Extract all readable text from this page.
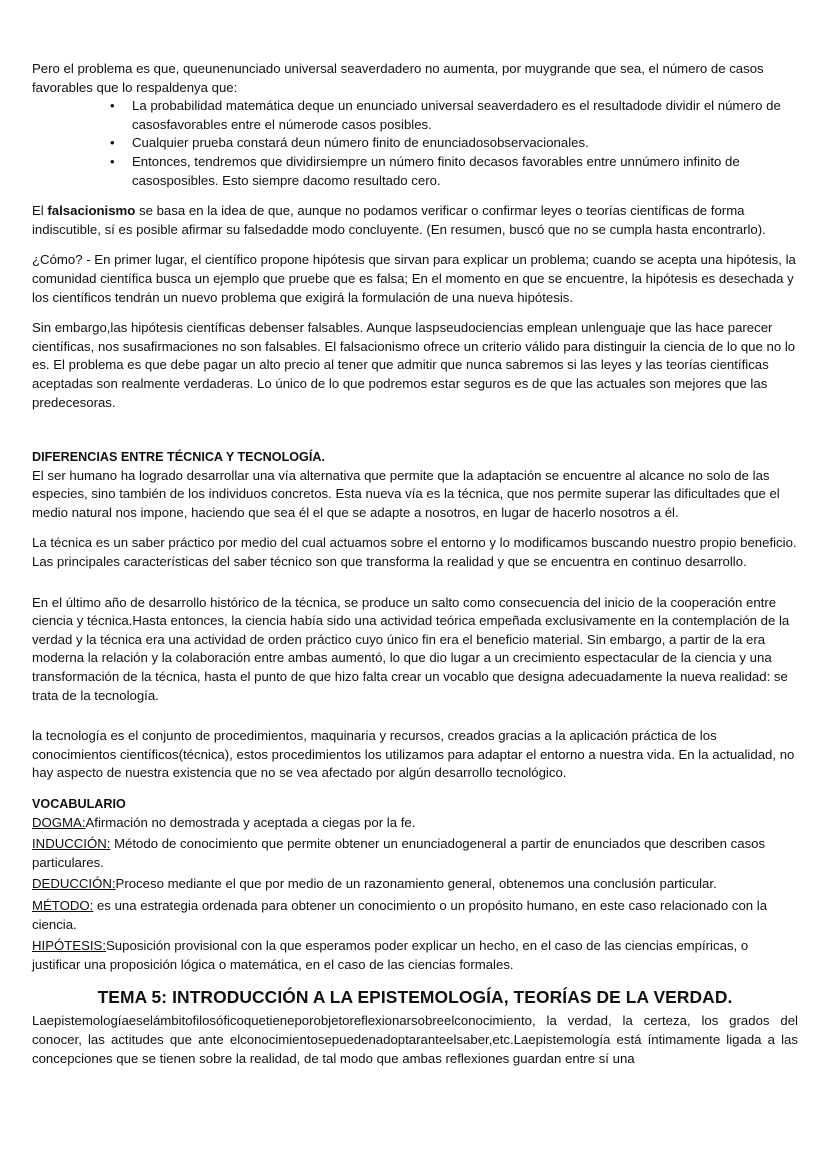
Pero el problema es que, queunenunciado universal seaverdadero no aumenta, por muygrande que sea, el número de casos favorables que lo respaldenya que:

• La probabilidad matemática deque un enunciado universal seaverdadero es el resultadode dividir el número de casosfavorables entre el númerode casos posibles.
• Cualquier prueba constará deun número finito de enunciadosobservacionales.
• Entonces, tendremos que dividirsiempre un número finito decasos favorables entre unnúmero infinito de casosposibles. Esto siempre dacomo resultado cero.

El falsacionismo se basa en la idea de que, aunque no podamos verificar o confirmar leyes o teorías científicas de forma indiscutible, sí es posible afirmar su falsedadde modo concluyente. (En resumen, buscó que no se cumpla hasta encontrarlo).

¿Cómo? - En primer lugar, el científico propone hipótesis que sirvan para explicar un problema; cuando se acepta una hipótesis, la comunidad científica busca un ejemplo que pruebe que es falsa; En el momento en que se encuentre, la hipótesis es desechada y los científicos tendrán un nuevo problema que exigirá la formulación de una nueva hipótesis.

Sin embargo,las hipótesis científicas debenser falsables. Aunque laspseudociencias emplean unlenguaje que las hace parecer científicas, nos susafirmaciones no son falsables. El falsacionismo ofrece un criterio válido para distinguir la ciencia de lo que no lo es. El problema es que debe pagar un alto precio al tener que admitir que nunca sabremos si las leyes y las teorías científicas aceptadas son realmente verdaderas. Lo único de lo que podremos estar seguros es de que las actuales son mejores que las predecesoras.

DIFERENCIAS ENTRE TÉCNICA Y TECNOLOGÍA.

El ser humano ha logrado desarrollar una vía alternativa que permite que la adaptación se encuentre al alcance no solo de las especies, sino también de los individuos concretos. Esta nueva vía es la técnica, que nos permite superar las dificultades que el medio natural nos impone, haciendo que sea él el que se adapte a nosotros, en lugar de hacerlo nosotros a él.

La técnica es un saber práctico por medio del cual actuamos sobre el entorno y lo modificamos buscando nuestro propio beneficio. Las principales características del saber técnico son que transforma la realidad y que se encuentra en continuo desarrollo.

En el último año de desarrollo histórico de la técnica, se produce un salto como consecuencia del inicio de la cooperación entre ciencia y técnica.Hasta entonces, la ciencia había sido una actividad teórica empeñada exclusivamente en la contemplación de la verdad y la técnica era una actividad de orden práctico cuyo único fin era el beneficio material. Sin embargo, a partir de la era moderna la relación y la colaboración entre ambas aumentó, lo que dio lugar a un crecimiento espectacular de la ciencia y una transformación de la técnica, hasta el punto de que hizo falta crear un vocablo que designa adecuadamente la nueva realidad: se trata de la tecnología.

la tecnología es el conjunto de procedimientos, maquinaria y recursos, creados gracias a la aplicación práctica de los conocimientos científicos(técnica), estos procedimientos los utilizamos para adaptar el entorno a nuestra vida. En la actualidad, no hay aspecto de nuestra existencia que no se vea afectado por algún desarrollo tecnológico.

VOCABULARIO

DOGMA:Afirmación no demostrada y aceptada a ciegas por la fe.

INDUCCIÓN: Método de conocimiento que permite obtener un enunciadogeneral a partir de enunciados que describen casos particulares.

DEDUCCIÓN:Proceso mediante el que por medio de un razonamiento general, obtenemos una conclusión particular.

MÉTODO: es una estrategia ordenada para obtener un conocimiento o un propósito humano, en este caso relacionado con la ciencia.

HIPÓTESIS:Suposición provisional con la que esperamos poder explicar un hecho, en el caso de las ciencias empíricas, o justificar una proposición lógica o matemática, en el caso de las ciencias formales.

TEMA 5: INTRODUCCIÓN A LA EPISTEMOLOGÍA, TEORÍAS DE LA VERDAD.

Laepistemologíaeselámbitofilosóficoquetieneporobjetoreflexionarsobreelconocimiento, la verdad, la certeza, los grados del conocer, las actitudes que ante elconocimientosepuedenadoptaranteelsaber,etc.Laepistemología está íntimamente ligada a las concepciones que se tienen sobre la realidad, de tal modo que ambas reflexiones guardan entre sí una
